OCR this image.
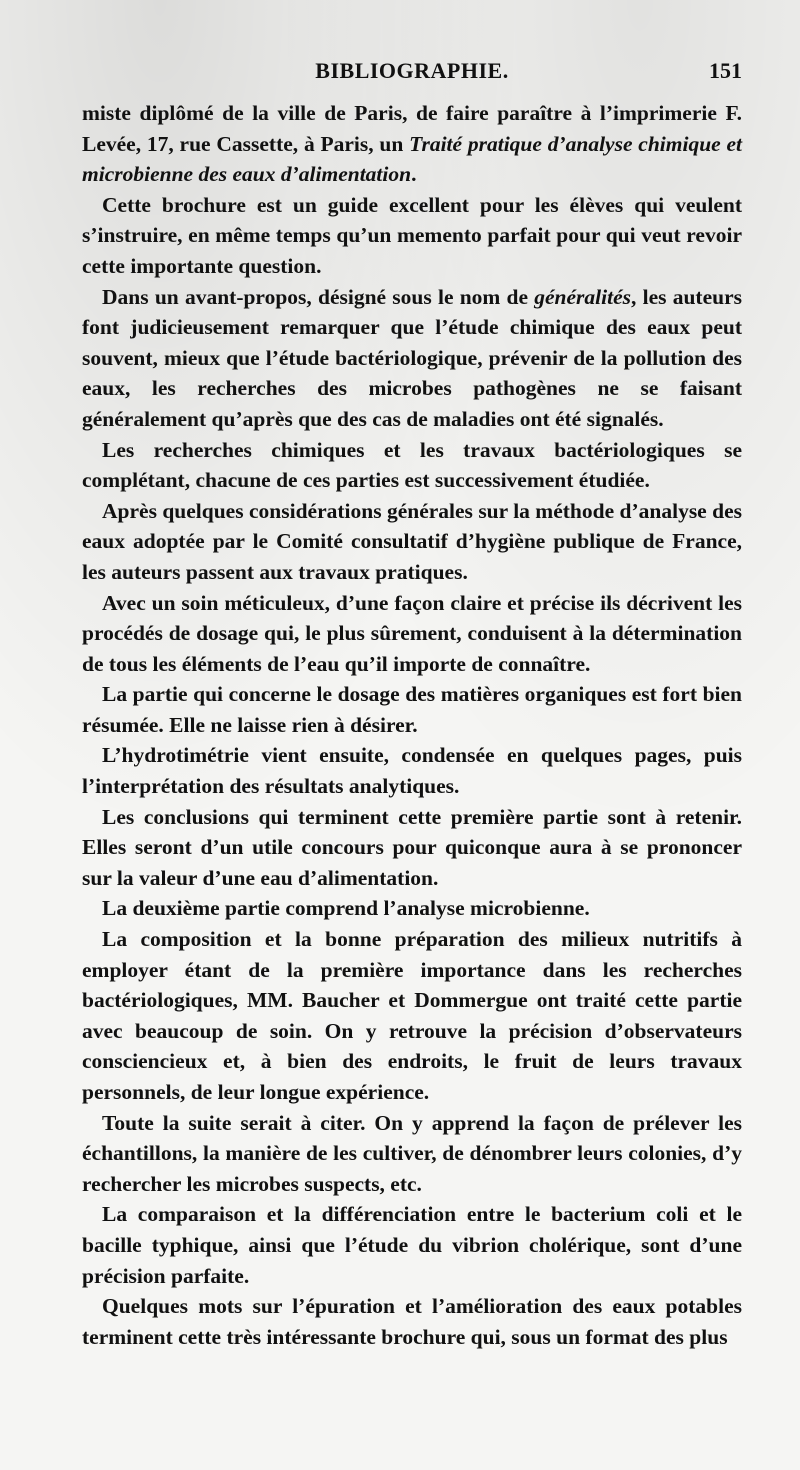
BIBLIOGRAPHIE.	151

miste diplômé de la ville de Paris, de faire paraître à l’imprimerie F. Levée, 17, rue Cassette, à Paris, un Traité pratique d’analyse chimique et microbienne des eaux d’alimentation.

Cette brochure est un guide excellent pour les élèves qui veulent s’instruire, en même temps qu’un memento parfait pour qui veut revoir cette importante question.

Dans un avant-propos, désigné sous le nom de généralités, les auteurs font judicieusement remarquer que l’étude chimique des eaux peut souvent, mieux que l’étude bactériologique, prévenir de la pollution des eaux, les recherches des microbes pathogènes ne se faisant généralement qu’après que des cas de maladies ont été signalés.

Les recherches chimiques et les travaux bactériologiques se complétant, chacune de ces parties est successivement étudiée.

Après quelques considérations générales sur la méthode d’analyse des eaux adoptée par le Comité consultatif d’hygiène publique de France, les auteurs passent aux travaux pratiques.

Avec un soin méticuleux, d’une façon claire et précise ils décrivent les procédés de dosage qui, le plus sûrement, conduisent à la détermination de tous les éléments de l’eau qu’il importe de connaître.

La partie qui concerne le dosage des matières organiques est fort bien résumée. Elle ne laisse rien à désirer.

L’hydrotimétrie vient ensuite, condensée en quelques pages, puis l’interprétation des résultats analytiques.

Les conclusions qui terminent cette première partie sont à retenir. Elles seront d’un utile concours pour quiconque aura à se prononcer sur la valeur d’une eau d’alimentation.

La deuxième partie comprend l’analyse microbienne.

La composition et la bonne préparation des milieux nutritifs à employer étant de la première importance dans les recherches bactériologiques, MM. Baucher et Dommergue ont traité cette partie avec beaucoup de soin. On y retrouve la précision d’observateurs consciencieux et, à bien des endroits, le fruit de leurs travaux personnels, de leur longue expérience.

Toute la suite serait à citer. On y apprend la façon de prélever les échantillons, la manière de les cultiver, de dénombrer leurs colonies, d’y rechercher les microbes suspects, etc.

La comparaison et la différenciation entre le bacterium coli et le bacille typhique, ainsi que l’étude du vibrion cholérique, sont d’une précision parfaite.

Quelques mots sur l’épuration et l’amélioration des eaux potables terminent cette très intéressante brochure qui, sous un format des plus
